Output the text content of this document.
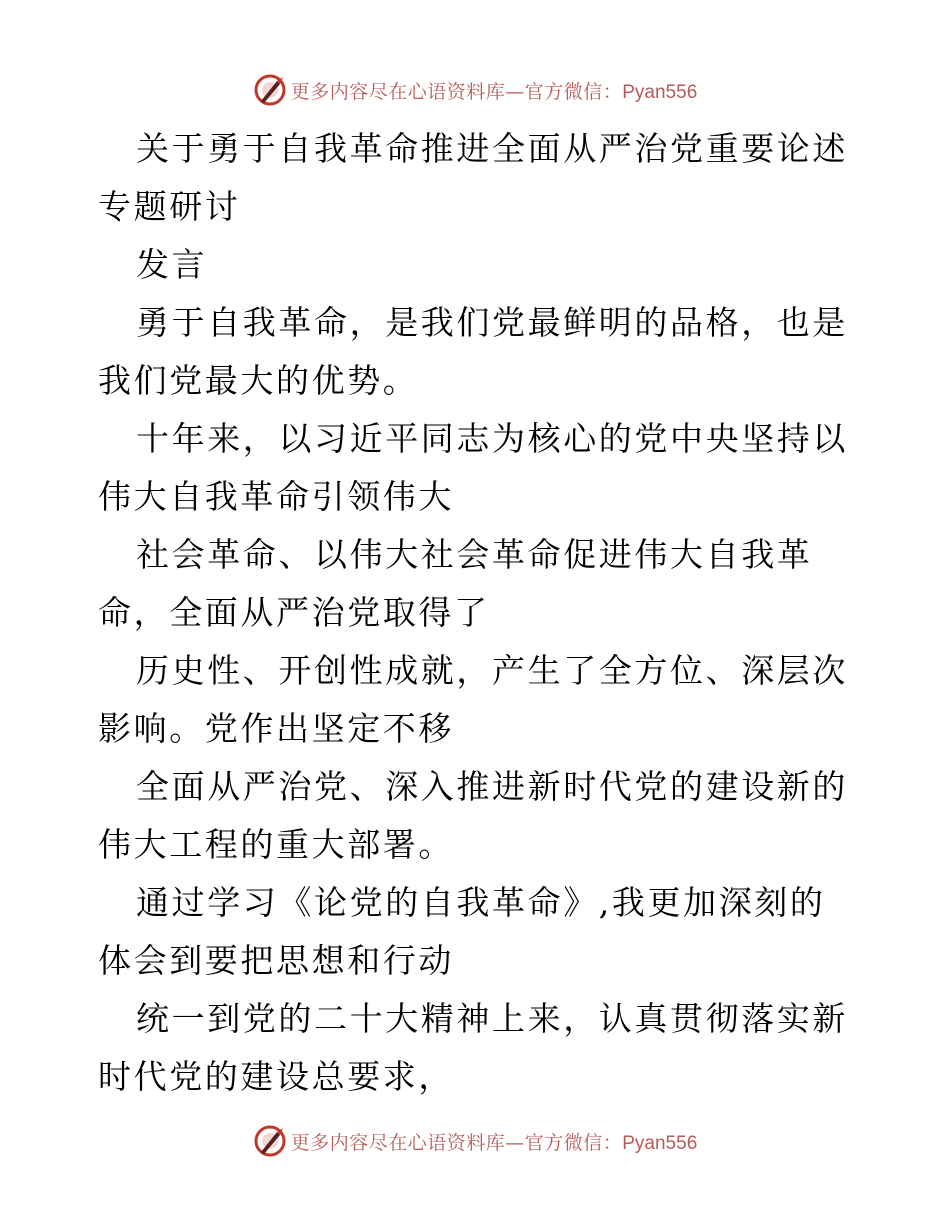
更多内容尽在心语资料库—官方微信：Pyan556

关于勇于自我革命推进全面从严治党重要论述专题研讨

发言

勇于自我革命，是我们党最鲜明的品格，也是我们党最大的优势。

十年来，以习近平同志为核心的党中央坚持以伟大自我革命引领伟大

社会革命、以伟大社会革命促进伟大自我革命，全面从严治党取得了

历史性、开创性成就，产生了全方位、深层次影响。党作出坚定不移

全面从严治党、深入推进新时代党的建设新的伟大工程的重大部署。

通过学习《论党的自我革命》,我更加深刻的体会到要把思想和行动

统一到党的二十大精神上来，认真贯彻落实新时代党的建设总要求，

更多内容尽在心语资料库—官方微信：Pyan556
